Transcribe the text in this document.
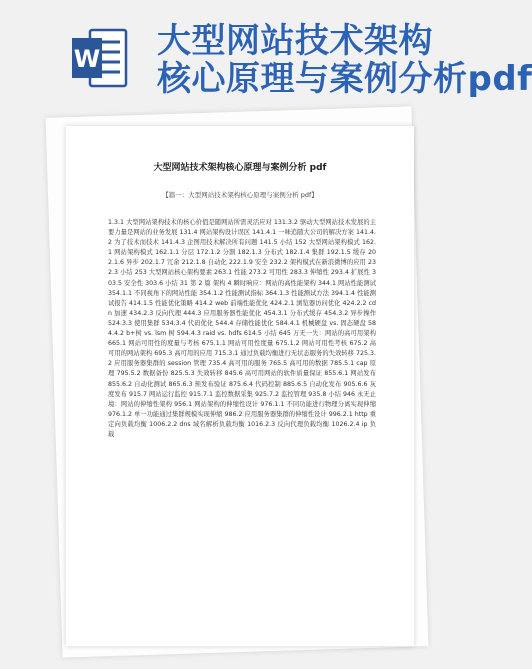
W 大型网站技术架构
核心原理与案例分析pdf
大型网站技术架构核心原理与案例分析 pdf
【篇一：大型网站技术架构核心原理与案例分析 pdf】
1.3.1 大型网站架构技术的核心价值是随网站所需灵活应对 131.3.2 驱动大型网站技术发展的主要力量是网站的业务发展 131.4 网站架构设计误区 141.4.1 一味追随大公司的解决方案 141.4.2 为了技术而技术 141.4.3 企图用技术解决所有问题 141.5 小结 152 大型网站架构模式 162.1 网站架构模式 162.1.1 分层 172.1.2 分割 182.1.3 分布式 182.1.4 集群 192.1.5 缓存 202.1.6 异步 202.1.7 冗余 212.1.8 自动化 222.1.9 安全 232.2 架构模式在新浪微博的应用 232.3 小结 253 大型网站核心架构要素 263.1 性能 273.2 可用性 283.3 伸缩性 293.4 扩展性 303.5 安全性 303.6 小结 31 第 2 篇 架构 4 瞬时响应：网站的高性能架构 344.1 网站性能测试 354.1.1 不同视角下的网站性能 354.1.2 性能测试指标 364.1.3 性能测试方法 394.1.4 性能测试报告 414.1.5 性能优化策略 414.2 web 前端性能优化 424.2.1 浏览器访问优化 424.2.2 cdn 加速 434.2.3 反向代理 444.3 应用服务器性能优化 454.3.1 分布式缓存 454.3.2 异步操作 524.3.3 使用集群 534.3.4 代码优化 544.4 存储性能优化 584.4.1 机械硬盘 vs. 固态硬盘 584.4.2 b+树 vs. lsm 树 594.4.3 raid vs. hdfs 614.5 小结 645 万无一失：网站的高可用架构 665.1 网站可用性的度量与考核 675.1.1 网站可用性度量 675.1.2 网站可用性考核 675.2 高可用的网站架构 695.3 高可用的应用 715.3.1 通过负载均衡进行无状态服务的失效转移 725.3.2 应用服务器集群的 session 管理 735.4 高可用的服务 765.5 高可用的数据 785.5.1 cap 原理 795.5.2 数据备份 825.5.3 失效转移 845.6 高可用网站的软件质量保证 855.6.1 网站发布 855.6.2 自动化测试 865.6.3 预发布验证 875.6.4 代码控制 885.6.5 自动化发布 905.6.6 灰度发布 915.7 网站运行监控 915.7.1 监控数据采集 925.7.2 监控管理 935.8 小结 946 永无止境：网站的伸缩性架构 956.1 网站架构的伸缩性设计 976.1.1 不同功能进行物理分离实现伸缩 976.1.2 单一功能通过集群规模实现伸缩 986.2 应用服务器集群的伸缩性设计 996.2.1 http 重定向负载均衡 1006.2.2 dns 域名解析负载均衡 1016.2.3 反向代理负载均衡 1026.2.4 ip 负载
